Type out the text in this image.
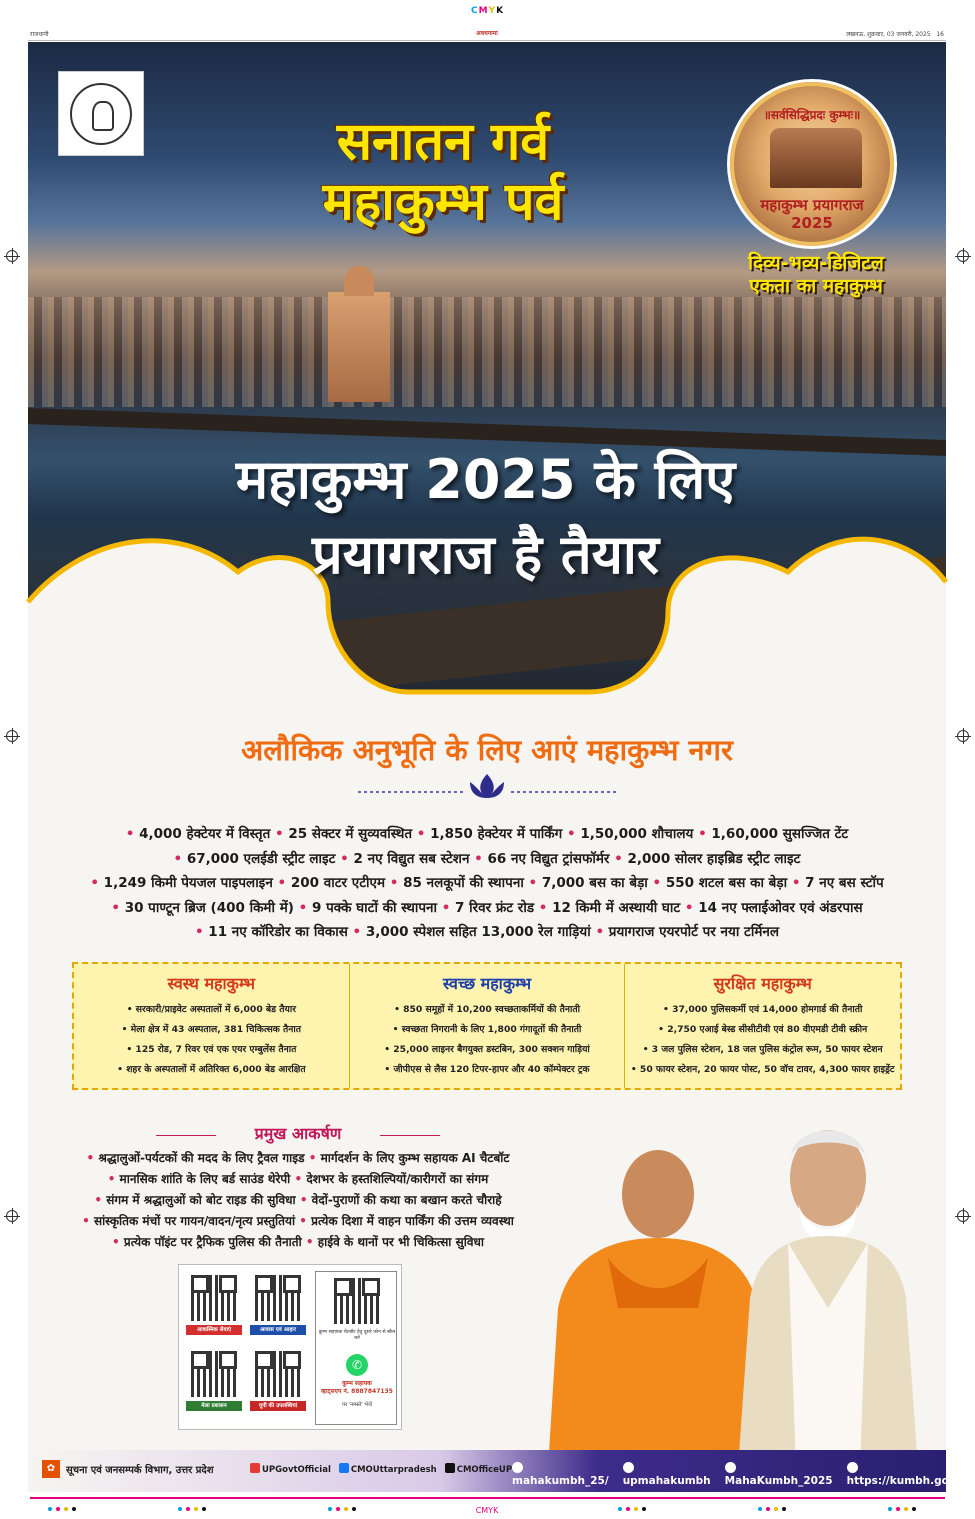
CMYK
राजधानी	अवधनामा	लखनऊ, शुक्रवार, 03 जनवरी, 2025 16
सनातन गर्व
महाकुम्भ पर्व
॥सर्वसिद्धिप्रदः कुम्भः॥
महाकुम्भ प्रयागराज
2025
दिव्य-भव्य-डिजिटल
एकता का महाकुम्भ
महाकुम्भ 2025 के लिए
प्रयागराज है तैयार
अलौकिक अनुभूति के लिए आएं महाकुम्भ नगर
• 4,000 हेक्टेयर में विस्तृत • 25 सेक्टर में सुव्यवस्थित • 1,850 हेक्टेयर में पार्किंग • 1,50,000 शौचालय • 1,60,000 सुसज्जित टेंट
• 67,000 एलईडी स्ट्रीट लाइट • 2 नए विद्युत सब स्टेशन • 66 नए विद्युत ट्रांसफॉर्मर • 2,000 सोलर हाइब्रिड स्ट्रीट लाइट
• 1,249 किमी पेयजल पाइपलाइन • 200 वाटर एटीएम • 85 नलकूपों की स्थापना • 7,000 बस का बेड़ा • 550 शटल बस का बेड़ा • 7 नए बस स्टॉप
• 30 पाण्टून ब्रिज (400 किमी में) • 9 पक्के घाटों की स्थापना • 7 रिवर फ्रंट रोड • 12 किमी में अस्थायी घाट • 14 नए फ्लाईओवर एवं अंडरपास
• 11 नए कॉरिडोर का विकास • 3,000 स्पेशल सहित 13,000 रेल गाड़ियां • प्रयागराज एयरपोर्ट पर नया टर्मिनल
स्वस्थ महाकुम्भ
• सरकारी/प्राइवेट अस्पतालों में 6,000 बेड तैयार
• मेला क्षेत्र में 43 अस्पताल, 381 चिकित्सक तैनात
• 125 रोड, 7 रिवर एवं एक एयर एम्बुलेंस तैनात
• शहर के अस्पतालों में अतिरिक्त 6,000 बेड आरक्षित
स्वच्छ महाकुम्भ
• 850 समूहों में 10,200 स्वच्छताकर्मियों की तैनाती
• स्वच्छता निगरानी के लिए 1,800 गंगादूतों की तैनाती
• 25,000 लाइनर बैगयुक्त डस्टबिन, 300 सक्शन गाड़ियां
• जीपीएस से लैस 120 टिपर-हापर और 40 कॉम्पेक्टर ट्रक
सुरक्षित महाकुम्भ
• 37,000 पुलिसकर्मी एवं 14,000 होमगार्ड की तैनाती
• 2,750 एआई बेस्ड सीसीटीवी एवं 80 वीएमडी टीवी स्क्रीन
• 3 जल पुलिस स्टेशन, 18 जल पुलिस कंट्रोल रूम, 50 फायर स्टेशन
• 50 फायर स्टेशन, 20 फायर पोस्ट, 50 वॉच टावर, 4,300 फायर हाइड्रेंट
प्रमुख आकर्षण
• श्रद्धालुओं-पर्यटकों की मदद के लिए ट्रैवल गाइड • मार्गदर्शन के लिए कुम्भ सहायक AI चैटबॉट
• मानसिक शांति के लिए बर्ड साउंड थेरेपी • देशभर के हस्तशिल्पियों/कारीगरों का संगम
• संगम में श्रद्धालुओं को बोट राइड की सुविधा • वेदों-पुराणों की कथा का बखान करते चौराहे
• सांस्कृतिक मंचों पर गायन/वादन/नृत्य प्रस्तुतियां • प्रत्येक दिशा में वाहन पार्किंग की उत्तम व्यवस्था
• प्रत्येक पॉइंट पर ट्रैफिक पुलिस की तैनाती • हाईवे के थानों पर भी चिकित्सा सुविधा
आकस्मिक सेवाएं	आवास एवं आहार
मेला प्रशासन	यूपी की उपलब्धियां
कुम्भ सहायक चैटबॉट हेतु दूसरे फोन से स्कैन करें
✆
कुम्भ सहायक
व्हाट्सएप नं. 8887847135
पर 'नमस्ते' भेजें
✿	सूचना एवं जनसम्पर्क विभाग, उत्तर प्रदेश	UPGovtOfficial	CMOUttarpradesh	CMOfficeUP
mahakumbh_25/ upmahakumbh MahaKumbh_2025 https://kumbh.gov.in/
CMYK
